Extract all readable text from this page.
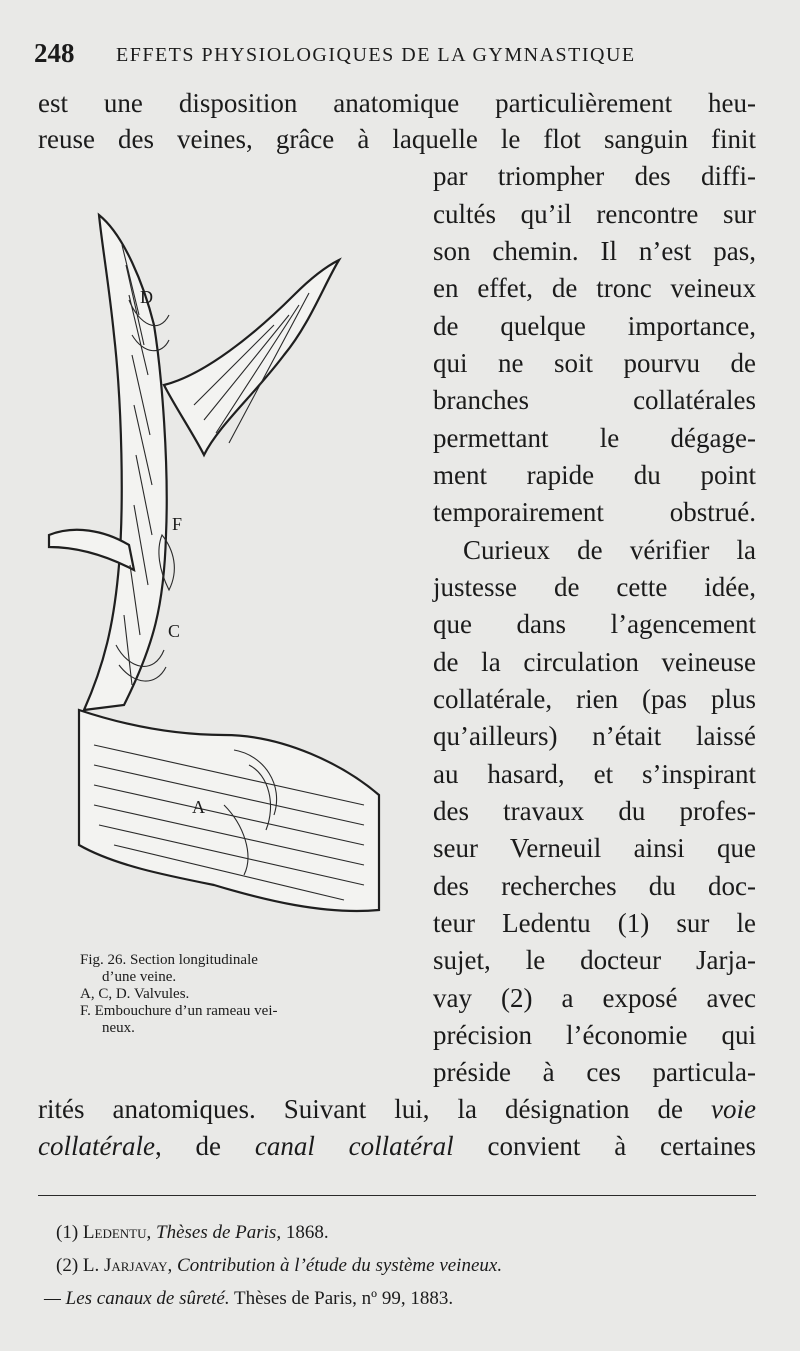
248 EFFETS PHYSIOLOGIQUES DE LA GYMNASTIQUE
est une disposition anatomique particulièrement heu-
reuse des veines, grâce à laquelle le flot sanguin finit
par triompher des diffi-
cultés qu’il rencontre sur
son chemin. Il n’est pas,
en effet, de tronc veineux
de quelque importance,
qui ne soit pourvu de
branches collatérales
permettant le dégage-
ment rapide du point
temporairement obstrué.
Curieux de vérifier la
justesse de cette idée,
que dans l’agencement
de la circulation veineuse
collatérale, rien (pas plus
qu’ailleurs) n’était laissé
au hasard, et s’inspirant
des travaux du profes-
seur Verneuil ainsi que
des recherches du doc-
teur Ledentu (1) sur le
sujet, le docteur Jarja-
vay (2) a exposé avec
précision l’économie qui
préside à ces particula-
rités anatomiques. Suivant lui, la désignation de voie
collatérale, de canal collatéral convient à certaines
D
F
C
A
Fig. 26. Section longitudinale
d’une veine.
A, C, D. Valvules.
F. Embouchure d’un rameau vei-
neux.
(1) Ledentu, Thèses de Paris, 1868.
(2) L. Jarjavay, Contribution à l’étude du système veineux.
— Les canaux de sûreté. Thèses de Paris, nº 99, 1883.
